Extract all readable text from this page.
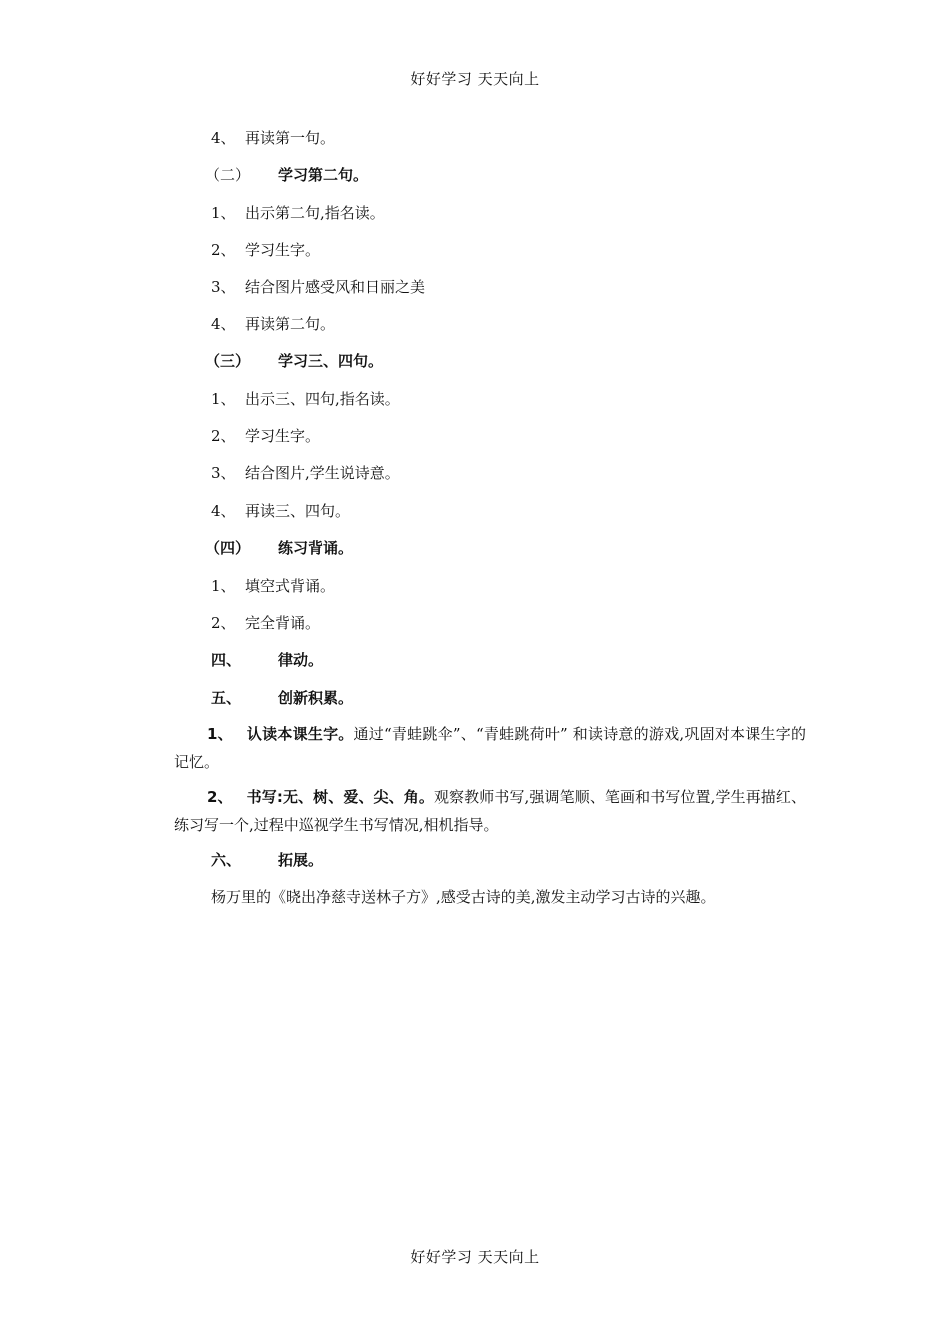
好好学习 天天向上
4、 再读第一句。
（二） 学习第二句。
1、 出示第二句,指名读。
2、 学习生字。
3、 结合图片感受风和日丽之美
4、 再读第二句。
（三） 学习三、四句。
1、 出示三、四句,指名读。
2、 学习生字。
3、 结合图片,学生说诗意。
4、 再读三、四句。
（四） 练习背诵。
1、 填空式背诵。
2、 完全背诵。
四、 律动。
五、 创新积累。
1、 认读本课生字。通过“青蛙跳伞”、“青蛙跳荷叶” 和读诗意的游戏,巩固对本课生字的记忆。
2、 书写:无、树、爱、尖、角。观察教师书写,强调笔顺、笔画和书写位置,学生再描红、练习写一个,过程中巡视学生书写情况,相机指导。
六、 拓展。
杨万里的《晓出净慈寺送林子方》,感受古诗的美,激发主动学习古诗的兴趣。
好好学习 天天向上
